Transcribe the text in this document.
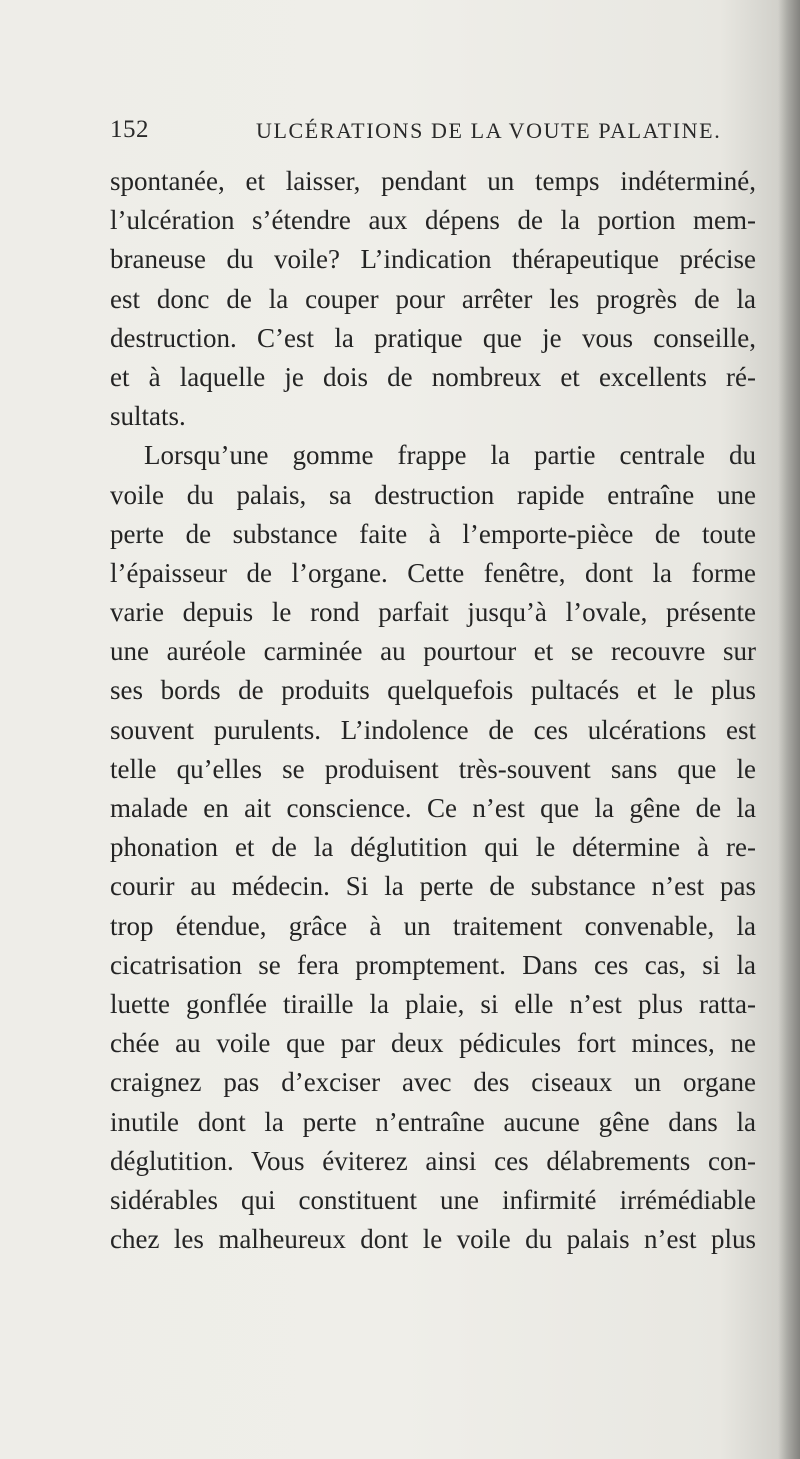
152	ULCÉRATIONS DE LA VOUTE PALATINE.
spontanée, et laisser, pendant un temps indéterminé,
l’ulcération s’étendre aux dépens de la portion mem-
braneuse du voile? L’indication thérapeutique précise
est donc de la couper pour arrêter les progrès de la
destruction. C’est la pratique que je vous conseille,
et à laquelle je dois de nombreux et excellents ré-
sultats.
Lorsqu’une gomme frappe la partie centrale du
voile du palais, sa destruction rapide entraîne une
perte de substance faite à l’emporte-pièce de toute
l’épaisseur de l’organe. Cette fenêtre, dont la forme
varie depuis le rond parfait jusqu’à l’ovale, présente
une auréole carminée au pourtour et se recouvre sur
ses bords de produits quelquefois pultacés et le plus
souvent purulents. L’indolence de ces ulcérations est
telle qu’elles se produisent très-souvent sans que le
malade en ait conscience. Ce n’est que la gêne de la
phonation et de la déglutition qui le détermine à re-
courir au médecin. Si la perte de substance n’est pas
trop étendue, grâce à un traitement convenable, la
cicatrisation se fera promptement. Dans ces cas, si la
luette gonflée tiraille la plaie, si elle n’est plus ratta-
chée au voile que par deux pédicules fort minces, ne
craignez pas d’exciser avec des ciseaux un organe
inutile dont la perte n’entraîne aucune gêne dans la
déglutition. Vous éviterez ainsi ces délabrements con-
sidérables qui constituent une infirmité irrémédiable
chez les malheureux dont le voile du palais n’est plus
